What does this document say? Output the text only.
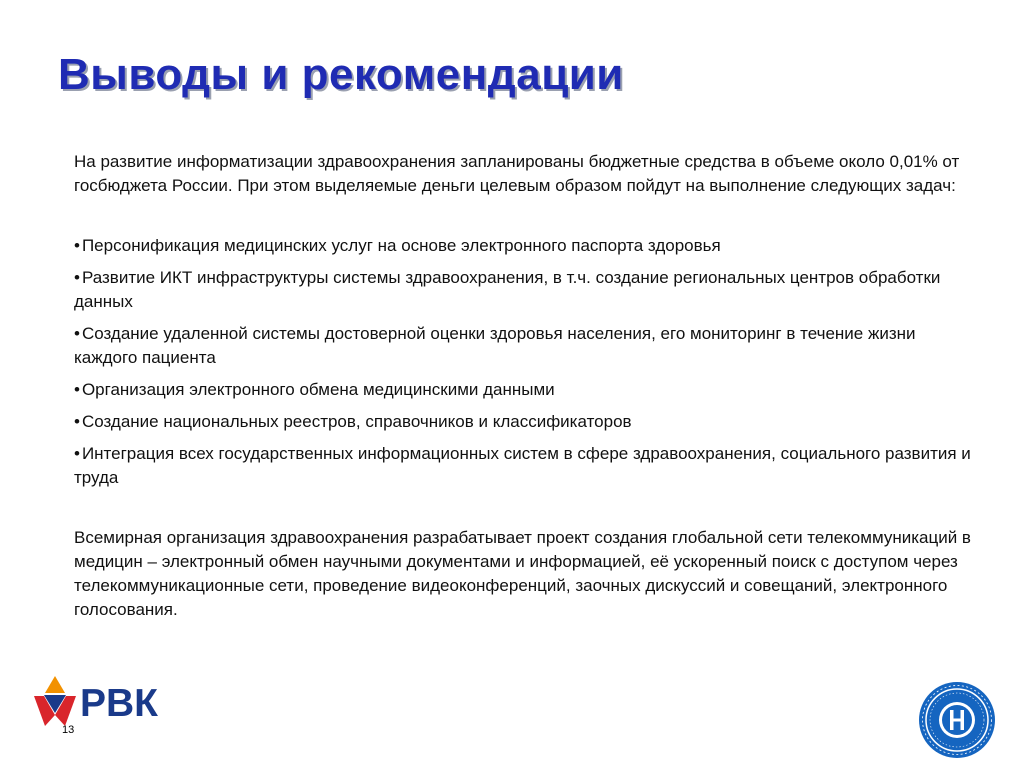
Выводы и рекомендации

На развитие информатизации здравоохранения запланированы бюджетные средства в объеме около 0,01% от госбюджета России. При этом выделяемые деньги целевым образом пойдут на выполнение следующих задач:

• Персонификация медицинских услуг на основе электронного паспорта здоровья
• Развитие ИКТ инфраструктуры системы здравоохранения, в т.ч. создание региональных центров обработки данных
• Создание удаленной системы достоверной оценки здоровья населения, его мониторинг в течение жизни каждого пациента
• Организация электронного обмена медицинскими данными
• Создание национальных реестров, справочников и классификаторов
• Интеграция всех государственных информационных систем в сфере здравоохранения, социального развития и труда

Всемирная организация здравоохранения разрабатывает проект создания глобальной сети телекоммуникаций в медицин – электронный обмен научными документами и информацией, её ускоренный поиск с доступом через телекоммуникационные сети, проведение видеоконференций, заочных дискуссий и совещаний, электронного голосования.

РВК

13
